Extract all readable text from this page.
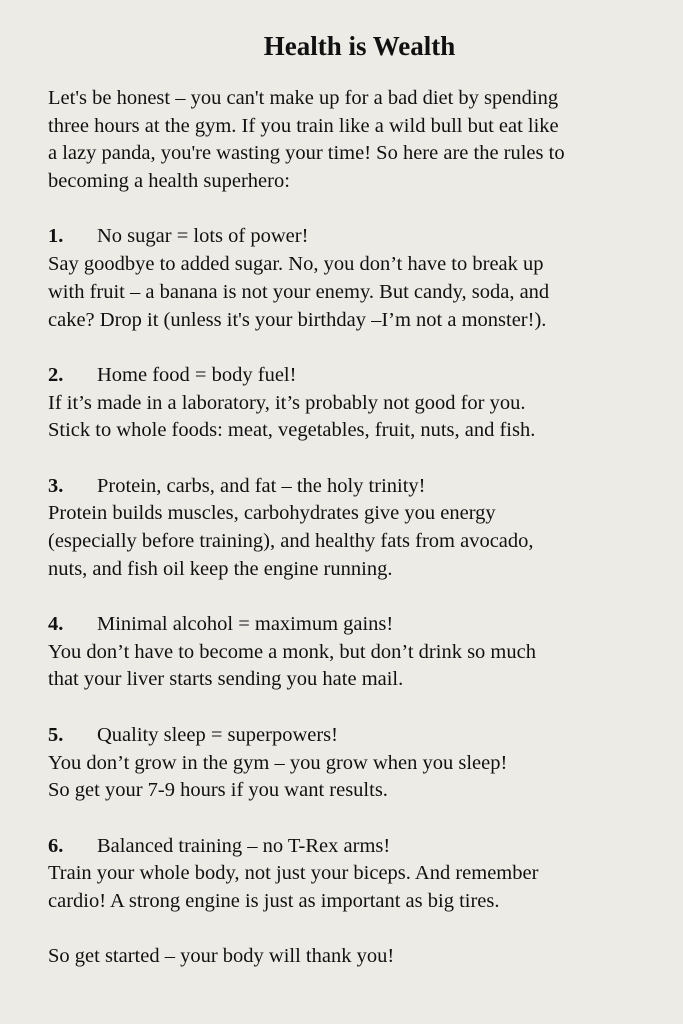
Health is Wealth
Let's be honest – you can't make up for a bad diet by spending
three hours at the gym. If you train like a wild bull but eat like
a lazy panda, you're wasting your time! So here are the rules to
becoming a health superhero:
1. No sugar = lots of power!
Say goodbye to added sugar. No, you don’t have to break up
with fruit – a banana is not your enemy. But candy, soda, and
cake? Drop it (unless it's your birthday –I’m not a monster!).
2. Home food = body fuel!
If it’s made in a laboratory, it’s probably not good for you.
Stick to whole foods: meat, vegetables, fruit, nuts, and fish.
3. Protein, carbs, and fat – the holy trinity!
Protein builds muscles, carbohydrates give you energy
(especially before training), and healthy fats from avocado,
nuts, and fish oil keep the engine running.
4. Minimal alcohol = maximum gains!
You don’t have to become a monk, but don’t drink so much
that your liver starts sending you hate mail.
5. Quality sleep = superpowers!
You don’t grow in the gym – you grow when you sleep!
So get your 7-9 hours if you want results.
6. Balanced training – no T-Rex arms!
Train your whole body, not just your biceps. And remember
cardio! A strong engine is just as important as big tires.
So get started – your body will thank you!
